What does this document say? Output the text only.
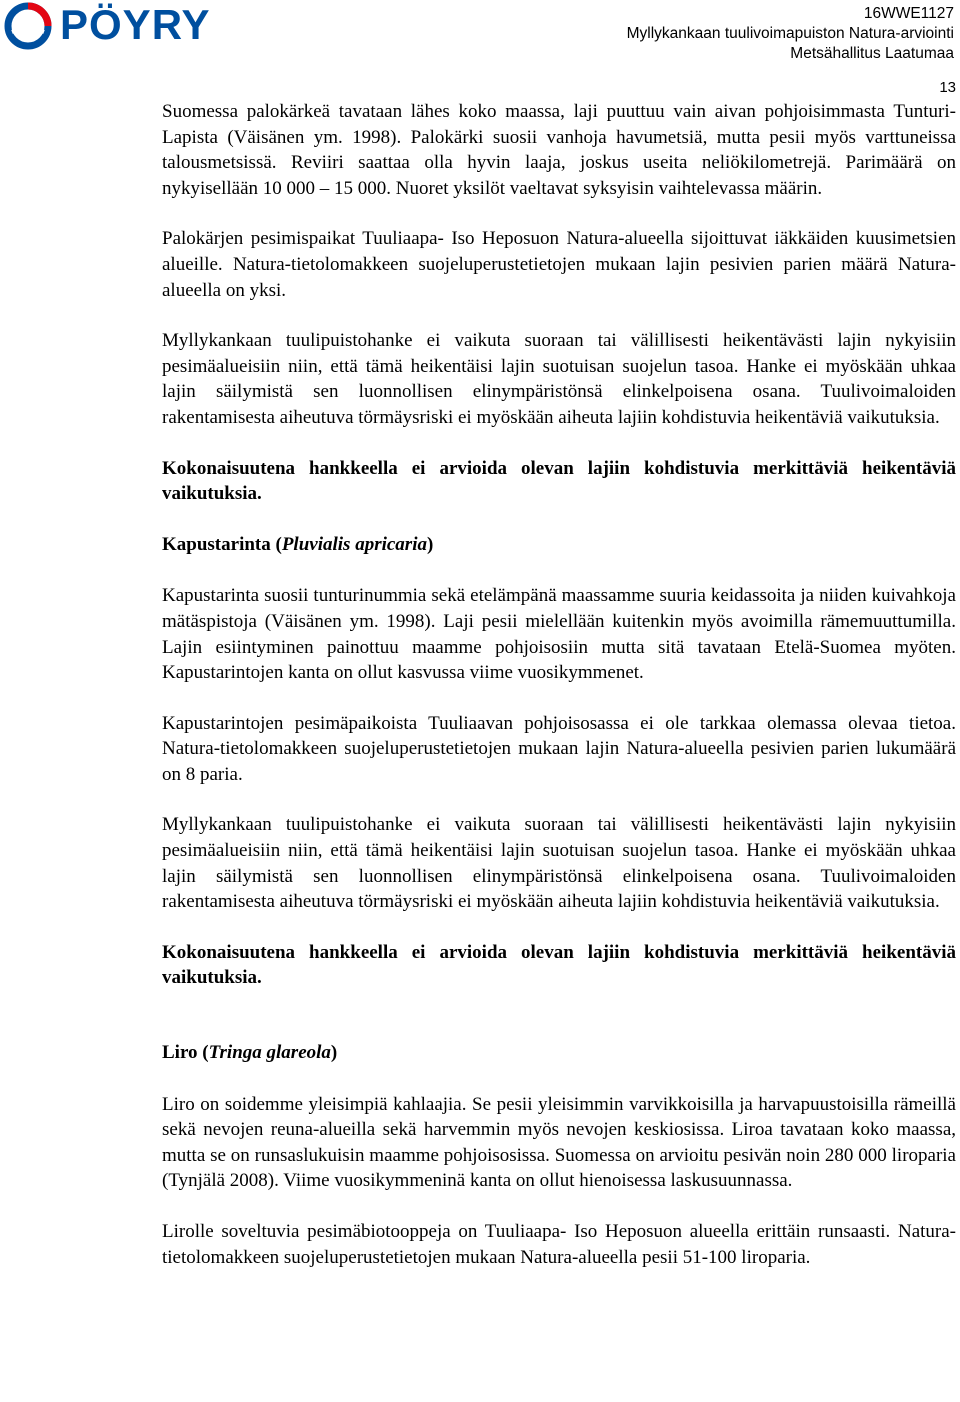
PÖYRY	16WWE1127
Myllykankaan tuulivoimapuiston Natura-arviointi
Metsähallitus Laatumaa
13

Suomessa palokärkeä tavataan lähes koko maassa, laji puuttuu vain aivan pohjoisimmasta Tunturi-Lapista (Väisänen ym. 1998). Palokärki suosii vanhoja havumetsiä, mutta pesii myös varttuneissa talousmetsissä. Reviiri saattaa olla hyvin laaja, joskus useita neliökilometrejä. Parimäärä on nykyisellään 10 000 – 15 000. Nuoret yksilöt vaeltavat syksyisin vaihtelevassa määrin.

Palokärjen pesimispaikat Tuuliaapa- Iso Heposuon Natura-alueella sijoittuvat iäkkäiden kuusimetsien alueille. Natura-tietolomakkeen suojeluperustetietojen mukaan lajin pesivien parien määrä Natura-alueella on yksi.

Myllykankaan tuulipuistohanke ei vaikuta suoraan tai välillisesti heikentävästi lajin nykyisiin pesimäalueisiin niin, että tämä heikentäisi lajin suotuisan suojelun tasoa. Hanke ei myöskään uhkaa lajin säilymistä sen luonnollisen elinympäristönsä elinkelpoisena osana. Tuulivoimaloiden rakentamisesta aiheutuva törmäysriski ei myöskään aiheuta lajiin kohdistuvia heikentäviä vaikutuksia.

Kokonaisuutena hankkeella ei arvioida olevan lajiin kohdistuvia merkittäviä heikentäviä vaikutuksia.

Kapustarinta (Pluvialis apricaria)

Kapustarinta suosii tunturinummia sekä etelämpänä maassamme suuria keidassoita ja niiden kuivahkoja mätäspistoja (Väisänen ym. 1998). Laji pesii mielellään kuitenkin myös avoimilla rämemuuttumilla. Lajin esiintyminen painottuu maamme pohjoisosiin mutta sitä tavataan Etelä-Suomea myöten. Kapustarintojen kanta on ollut kasvussa viime vuosikymmenet.

Kapustarintojen pesimäpaikoista Tuuliaavan pohjoisosassa ei ole tarkkaa olemassa olevaa tietoa. Natura-tietolomakkeen suojeluperustetietojen mukaan lajin Natura-alueella pesivien parien lukumäärä on 8 paria.

Myllykankaan tuulipuistohanke ei vaikuta suoraan tai välillisesti heikentävästi lajin nykyisiin pesimäalueisiin niin, että tämä heikentäisi lajin suotuisan suojelun tasoa. Hanke ei myöskään uhkaa lajin säilymistä sen luonnollisen elinympäristönsä elinkelpoisena osana. Tuulivoimaloiden rakentamisesta aiheutuva törmäysriski ei myöskään aiheuta lajiin kohdistuvia heikentäviä vaikutuksia.

Kokonaisuutena hankkeella ei arvioida olevan lajiin kohdistuvia merkittäviä heikentäviä vaikutuksia.

Liro (Tringa glareola)

Liro on soidemme yleisimpiä kahlaajia. Se pesii yleisimmin varvikkoisilla ja harvapuustoisilla rämeillä sekä nevojen reuna-alueilla sekä harvemmin myös nevojen keskiosissa. Liroa tavataan koko maassa, mutta se on runsaslukuisin maamme pohjoisosissa. Suomessa on arvioitu pesivän noin 280 000 liroparia (Tynjälä 2008). Viime vuosikymmeninä kanta on ollut hienoisessa laskusuunnassa.

Lirolle soveltuvia pesimäbiotooppeja on Tuuliaapa- Iso Heposuon alueella erittäin runsaasti. Natura-tietolomakkeen suojeluperustetietojen mukaan Natura-alueella pesii 51-100 liroparia.
